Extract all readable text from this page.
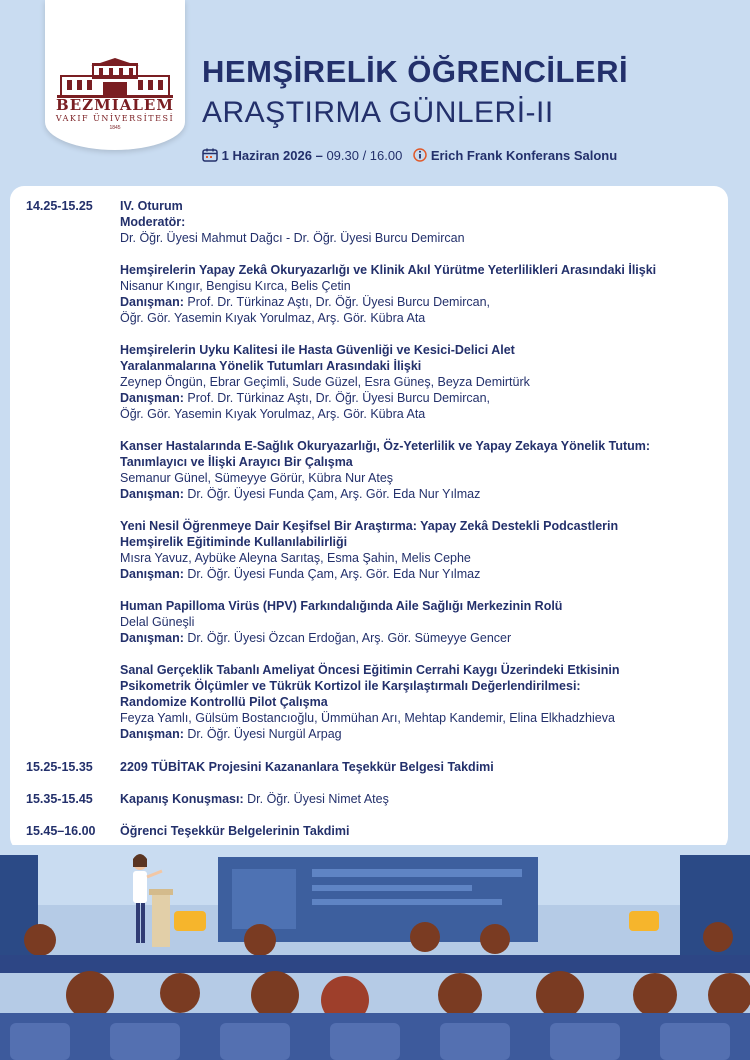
BEZMİÂLEM
VAKIF ÜNİVERSİTESİ
1845
HEMŞİRELİK ÖĞRENCİLERİ
ARAŞTIRMA GÜNLERİ-II
1 Haziran 2026 – 09.30 / 16.00 Erich Frank Konferans Salonu
14.25-15.25 IV. Oturum
Moderatör:
Dr. Öğr. Üyesi Mahmut Dağcı - Dr. Öğr. Üyesi Burcu Demircan
Hemşirelerin Yapay Zekâ Okuryazarlığı ve Klinik Akıl Yürütme Yeterlilikleri Arasındaki İlişki
Nisanur Kıngır, Bengisu Kırca, Belis Çetin
Danışman: Prof. Dr. Türkinaz Aştı, Dr. Öğr. Üyesi Burcu Demircan,
Öğr. Gör. Yasemin Kıyak Yorulmaz, Arş. Gör. Kübra Ata
Hemşirelerin Uyku Kalitesi ile Hasta Güvenliği ve Kesici-Delici Alet
Yaralanmalarına Yönelik Tutumları Arasındaki İlişki
Zeynep Öngün, Ebrar Geçimli, Sude Güzel, Esra Güneş, Beyza Demirtürk
Danışman: Prof. Dr. Türkinaz Aştı, Dr. Öğr. Üyesi Burcu Demircan,
Öğr. Gör. Yasemin Kıyak Yorulmaz, Arş. Gör. Kübra Ata
Kanser Hastalarında E-Sağlık Okuryazarlığı, Öz-Yeterlilik ve Yapay Zekaya Yönelik Tutum:
Tanımlayıcı ve İlişki Arayıcı Bir Çalışma
Semanur Günel, Sümeyye Görür, Kübra Nur Ateş
Danışman: Dr. Öğr. Üyesi Funda Çam, Arş. Gör. Eda Nur Yılmaz
Yeni Nesil Öğrenmeye Dair Keşifsel Bir Araştırma: Yapay Zekâ Destekli Podcastlerin
Hemşirelik Eğitiminde Kullanılabilirliği
Mısra Yavuz, Aybüke Aleyna Sarıtaş, Esma Şahin, Melis Cephe
Danışman: Dr. Öğr. Üyesi Funda Çam, Arş. Gör. Eda Nur Yılmaz
Human Papilloma Virüs (HPV) Farkındalığında Aile Sağlığı Merkezinin Rolü
Delal Güneşli
Danışman: Dr. Öğr. Üyesi Özcan Erdoğan, Arş. Gör. Sümeyye Gencer
Sanal Gerçeklik Tabanlı Ameliyat Öncesi Eğitimin Cerrahi Kaygı Üzerindeki Etkisinin
Psikometrik Ölçümler ve Tükrük Kortizol ile Karşılaştırmalı Değerlendirilmesi:
Randomize Kontrollü Pilot Çalışma
Feyza Yamlı, Gülsüm Bostancıoğlu, Ümmühan Arı, Mehtap Kandemir, Elina Elkhadzhieva
Danışman: Dr. Öğr. Üyesi Nurgül Arpag
15.25-15.35 2209 TÜBİTAK Projesini Kazananlara Teşekkür Belgesi Takdimi
15.35-15.45 Kapanış Konuşması: Dr. Öğr. Üyesi Nimet Ateş
15.45–16.00 Öğrenci Teşekkür Belgelerinin Takdimi
